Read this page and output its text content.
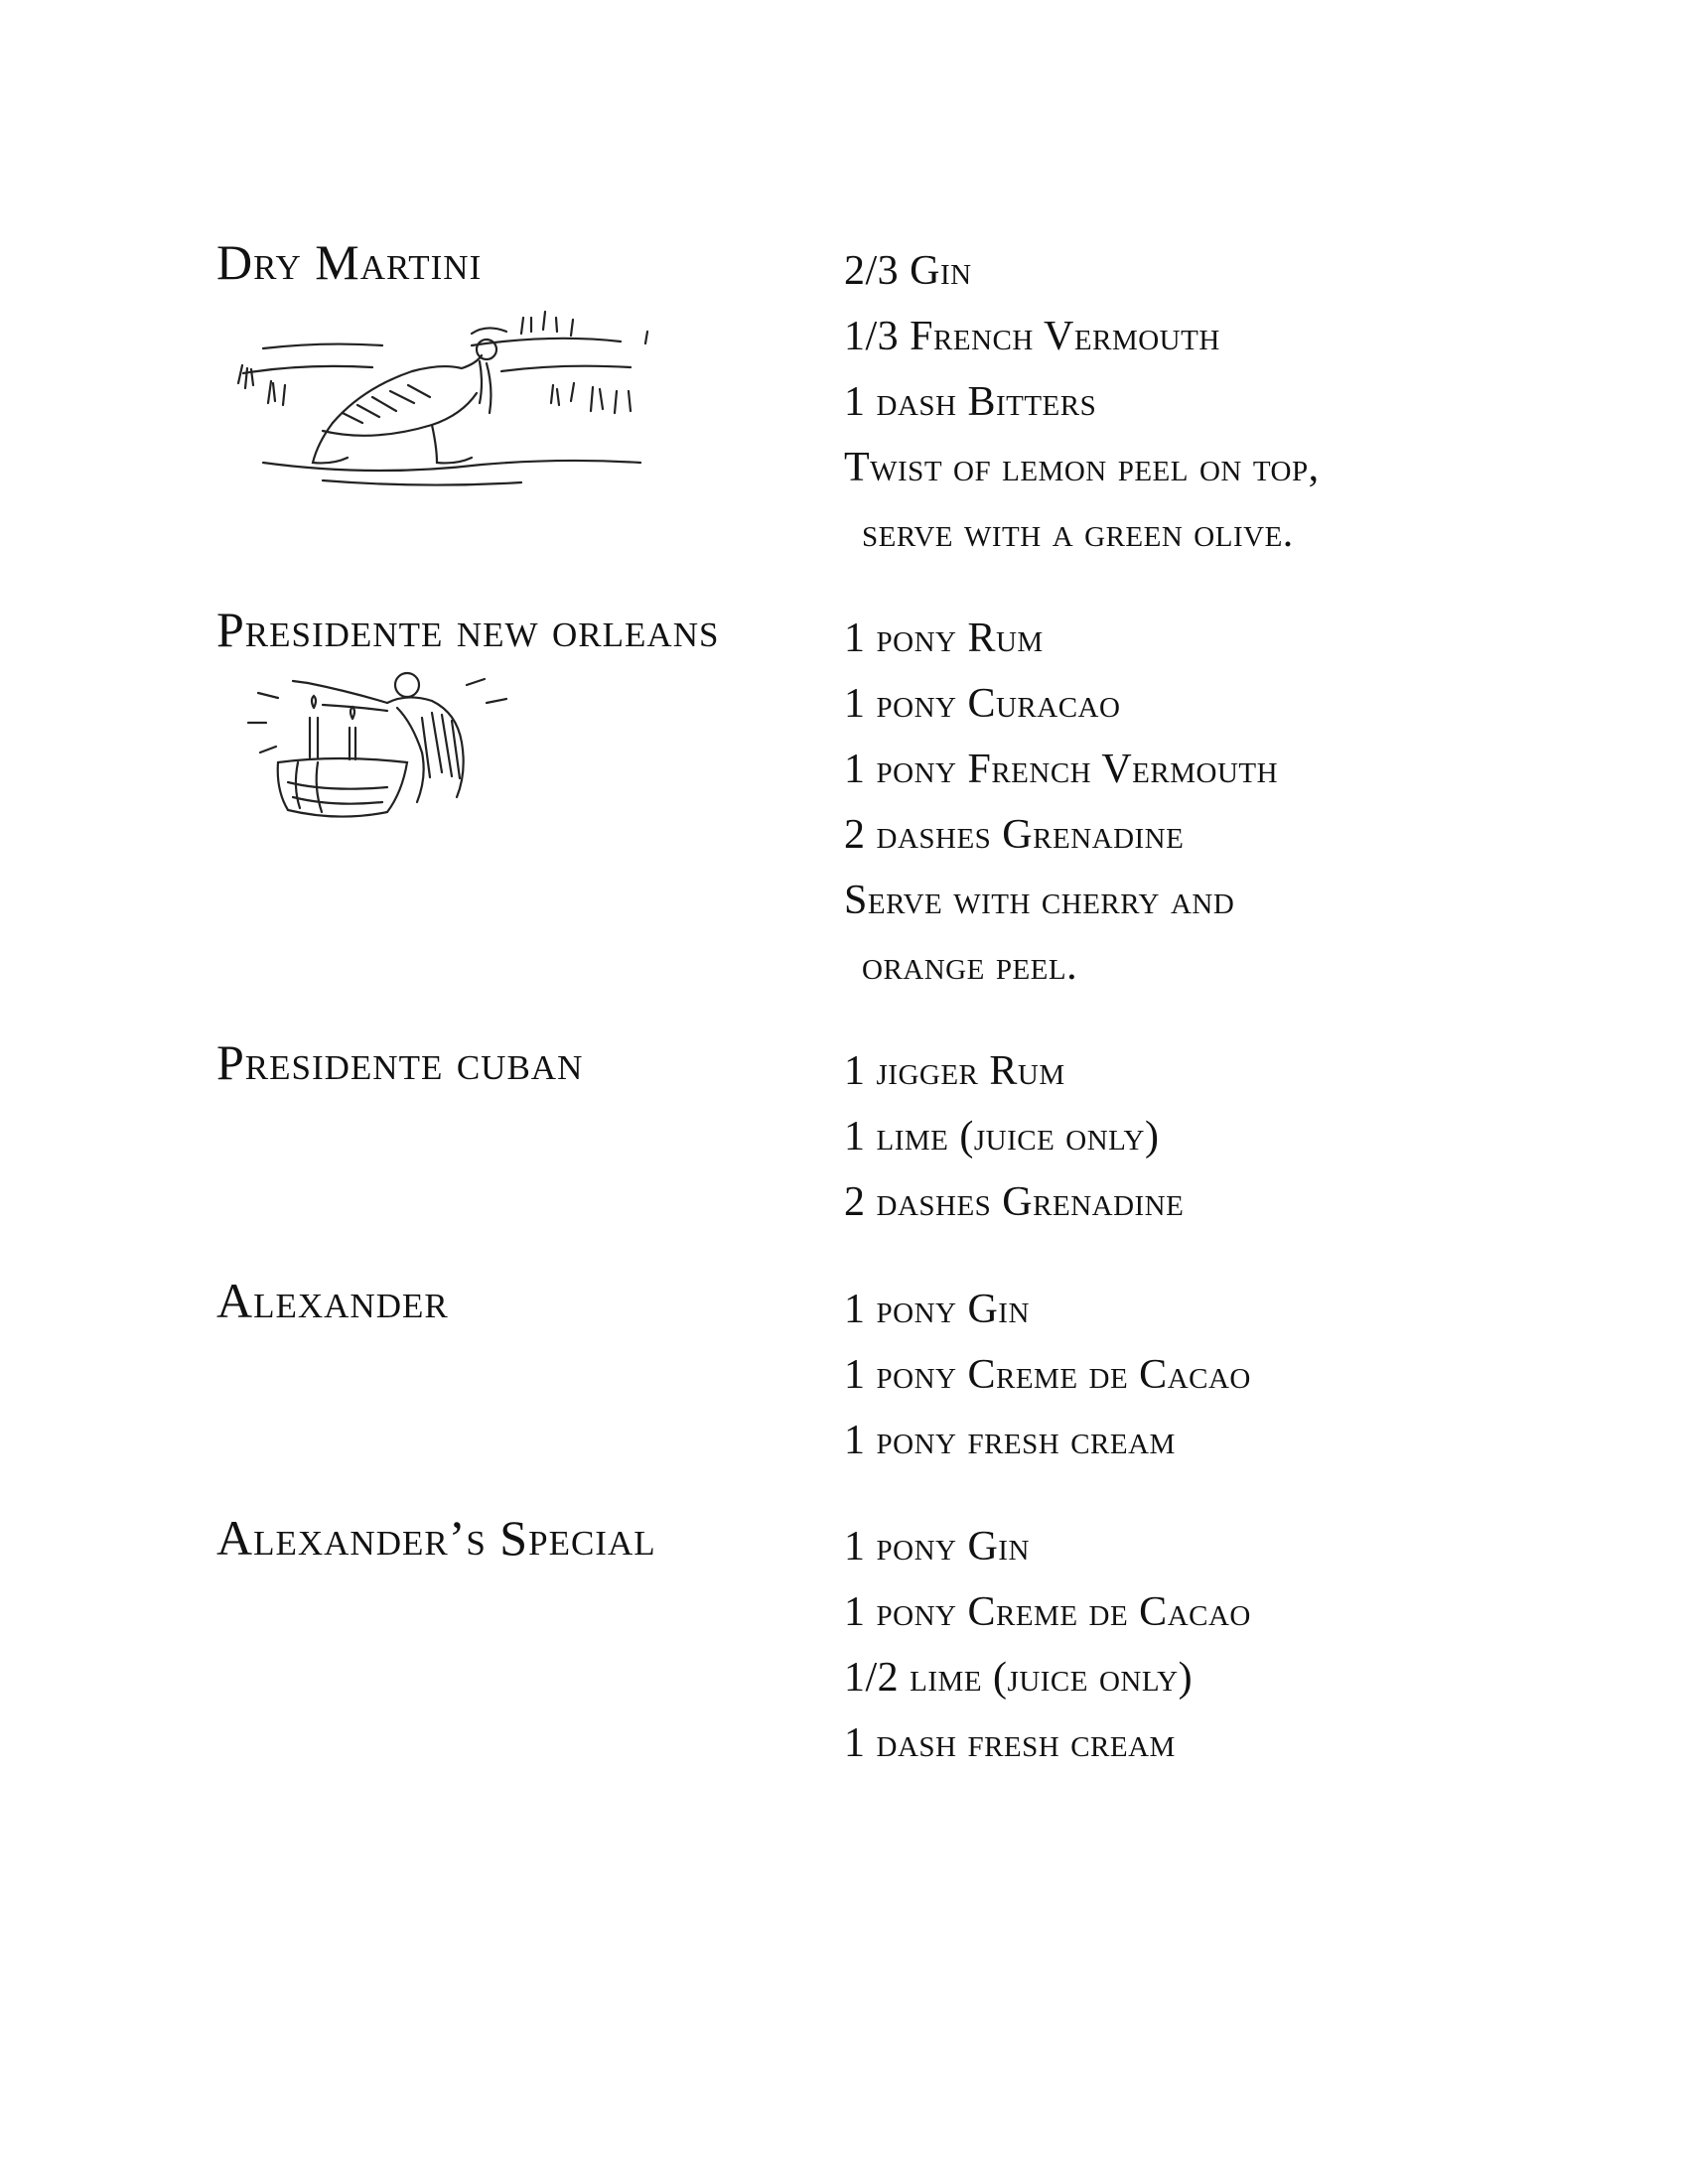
Dry Martini	2/3 Gin
1/3 French Vermouth
1 dash Bitters
Twist of lemon peel on top,
serve with a green olive.
Presidente new orleans	1 pony Rum
1 pony Curacao
1 pony French Vermouth
2 dashes Grenadine
Serve with cherry and
orange peel.
Presidente cuban	1 jigger Rum
1 lime (juice only)
2 dashes Grenadine
Alexander	1 pony Gin
1 pony Creme de Cacao
1 pony fresh cream
Alexander’s Special	1 pony Gin
1 pony Creme de Cacao
1/2 lime (juice only)
1 dash fresh cream
